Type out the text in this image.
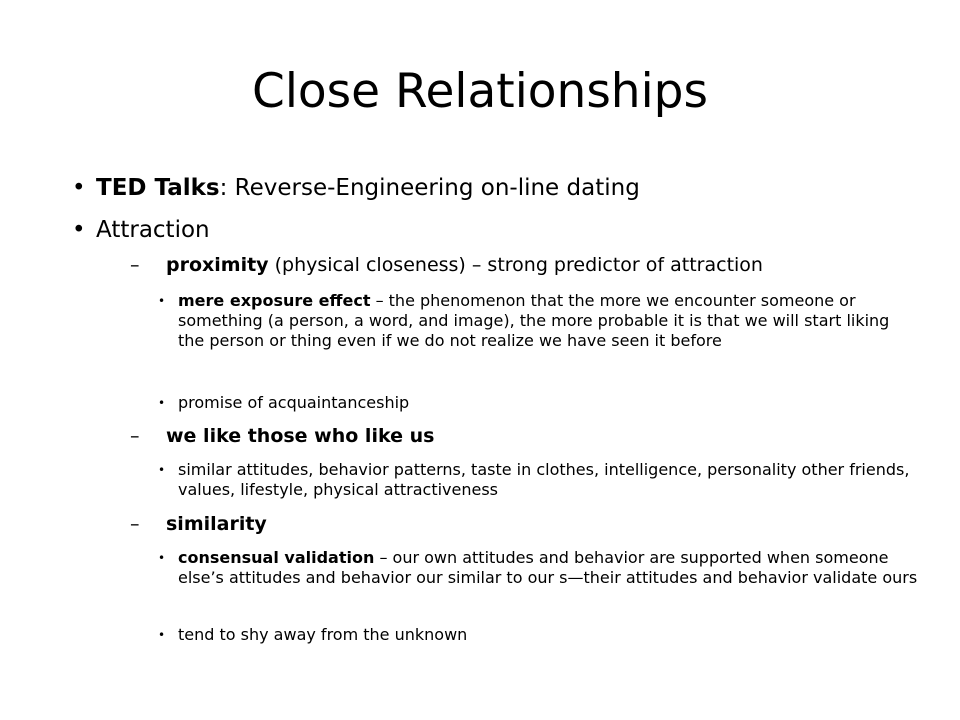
Close Relationships
• TED Talks: Reverse-Engineering on-line dating
• Attraction
– proximity (physical closeness) – strong predictor of attraction
• mere exposure effect – the phenomenon that the more we encounter someone or something (a person, a word, and image), the more probable it is that we will start liking the person or thing even if we do not realize we have seen it before
• promise of acquaintanceship
– we like those who like us
• similar attitudes, behavior patterns, taste in clothes, intelligence, personality other friends, values, lifestyle, physical attractiveness
– similarity
• consensual validation – our own attitudes and behavior are supported when someone else’s attitudes and behavior our similar to our s—their attitudes and behavior validate ours
• tend to shy away from the unknown
